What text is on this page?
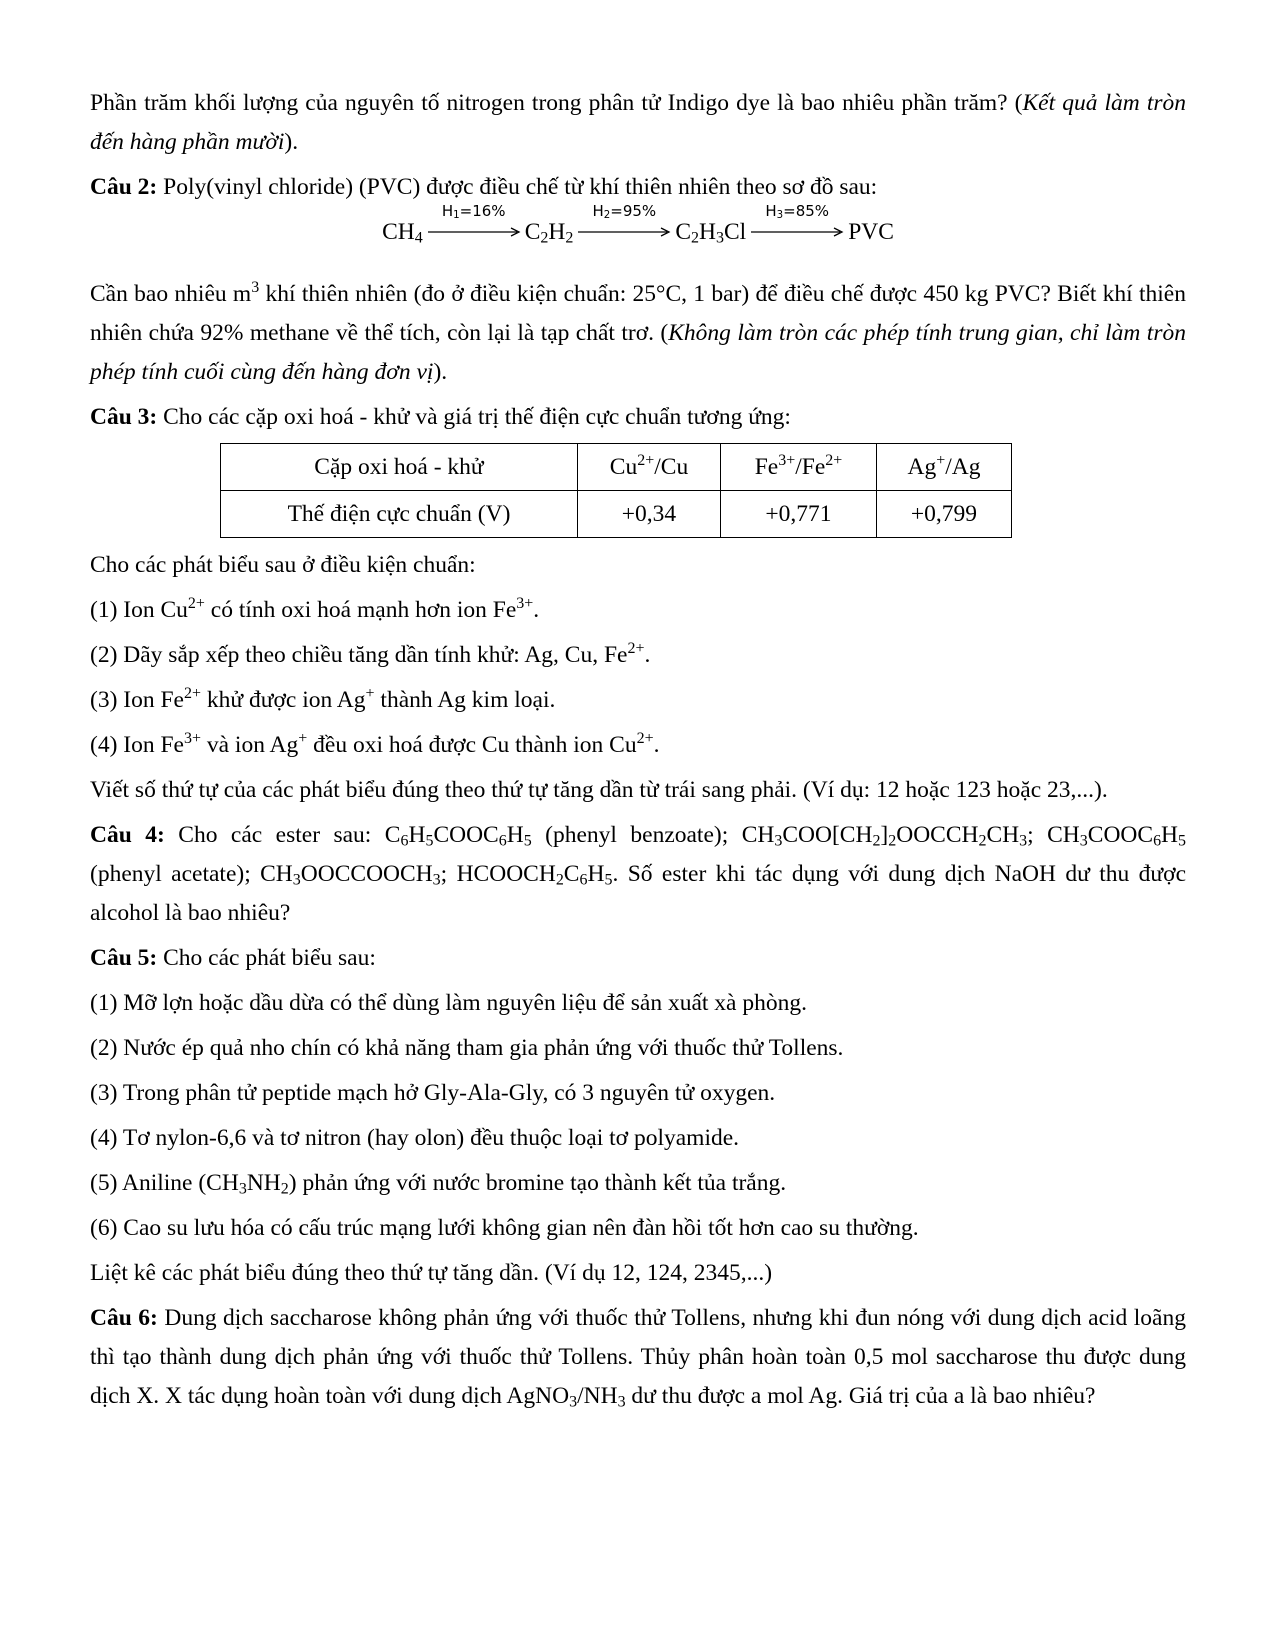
Phần trăm khối lượng của nguyên tố nitrogen trong phân tử Indigo dye là bao nhiêu phần trăm? (Kết quả làm tròn đến hàng phần mười).

Câu 2: Poly(vinyl chloride) (PVC) được điều chế từ khí thiên nhiên theo sơ đồ sau:

$CH_4$
$H_1=16\%$
$C_2H_2$
$H_2=95\%$
$C_2H_3Cl$
$H_3=85\%$
PVC

Cần bao nhiêu $m^3$ khí thiên nhiên (đo ở điều kiện chuẩn: 25°C, 1 bar) để điều chế được 450 kg PVC? Biết khí thiên nhiên chứa 92% methane về thể tích, còn lại là tạp chất trơ. (Không làm tròn các phép tính trung gian, chỉ làm tròn phép tính cuối cùng đến hàng đơn vị).

Câu 3: Cho các cặp oxi hoá - khử và giá trị thế điện cực chuẩn tương ứng:

Cặp oxi hoá - khử	$Cu^{2+}/Cu$	$Fe^{3+}/Fe^{2+}$	Ag+/Ag
Thế điện cực chuẩn (V)	+0,34	+0,771	+0,799

Cho các phát biểu sau ở điều kiện chuẩn:

(1) Ion $Cu^{2+}$ có tính oxi hoá mạnh hơn ion $Fe^{3+}$.

(2) Dãy sắp xếp theo chiều tăng dần tính khử: Ag, Cu, $Fe^{2+}$.

(3) Ion $Fe^{2+}$ khử được ion Ag+ thành Ag kim loại.

(4) Ion $Fe^{3+}$ và ion Ag+ đều oxi hoá được Cu thành ion $Cu^{2+}$.

Viết số thứ tự của các phát biểu đúng theo thứ tự tăng dần từ trái sang phải. (Ví dụ: 12 hoặc 123 hoặc 23,...).

Câu 4: Cho các ester sau: $C_6H_5COOC_6H_5$ (phenyl benzoate); $CH_3COO[CH_2]_2OOCCH_2CH_3$; $CH_3COOC_6H_5$ (phenyl acetate); $CH_3OOCCOOCH_3$; $HCOOCH_2C_6H_5$. Số ester khi tác dụng với dung dịch NaOH dư thu được alcohol là bao nhiêu?

Câu 5: Cho các phát biểu sau:

(1) Mỡ lợn hoặc dầu dừa có thể dùng làm nguyên liệu để sản xuất xà phòng.

(2) Nước ép quả nho chín có khả năng tham gia phản ứng với thuốc thử Tollens.

(3) Trong phân tử peptide mạch hở Gly-Ala-Gly, có 3 nguyên tử oxygen.

(4) Tơ nylon-6,6 và tơ nitron (hay olon) đều thuộc loại tơ polyamide.

(5) Aniline $(CH_3NH_2)$ phản ứng với nước bromine tạo thành kết tủa trắng.

(6) Cao su lưu hóa có cấu trúc mạng lưới không gian nên đàn hồi tốt hơn cao su thường.

Liệt kê các phát biểu đúng theo thứ tự tăng dần. (Ví dụ 12, 124, 2345,...)

Câu 6: Dung dịch saccharose không phản ứng với thuốc thử Tollens, nhưng khi đun nóng với dung dịch acid loãng thì tạo thành dung dịch phản ứng với thuốc thử Tollens. Thủy phân hoàn toàn 0,5 mol saccharose thu được dung dịch X. X tác dụng hoàn toàn với dung dịch $AgNO_3/NH_3$ dư thu được a mol Ag. Giá trị của a là bao nhiêu?
